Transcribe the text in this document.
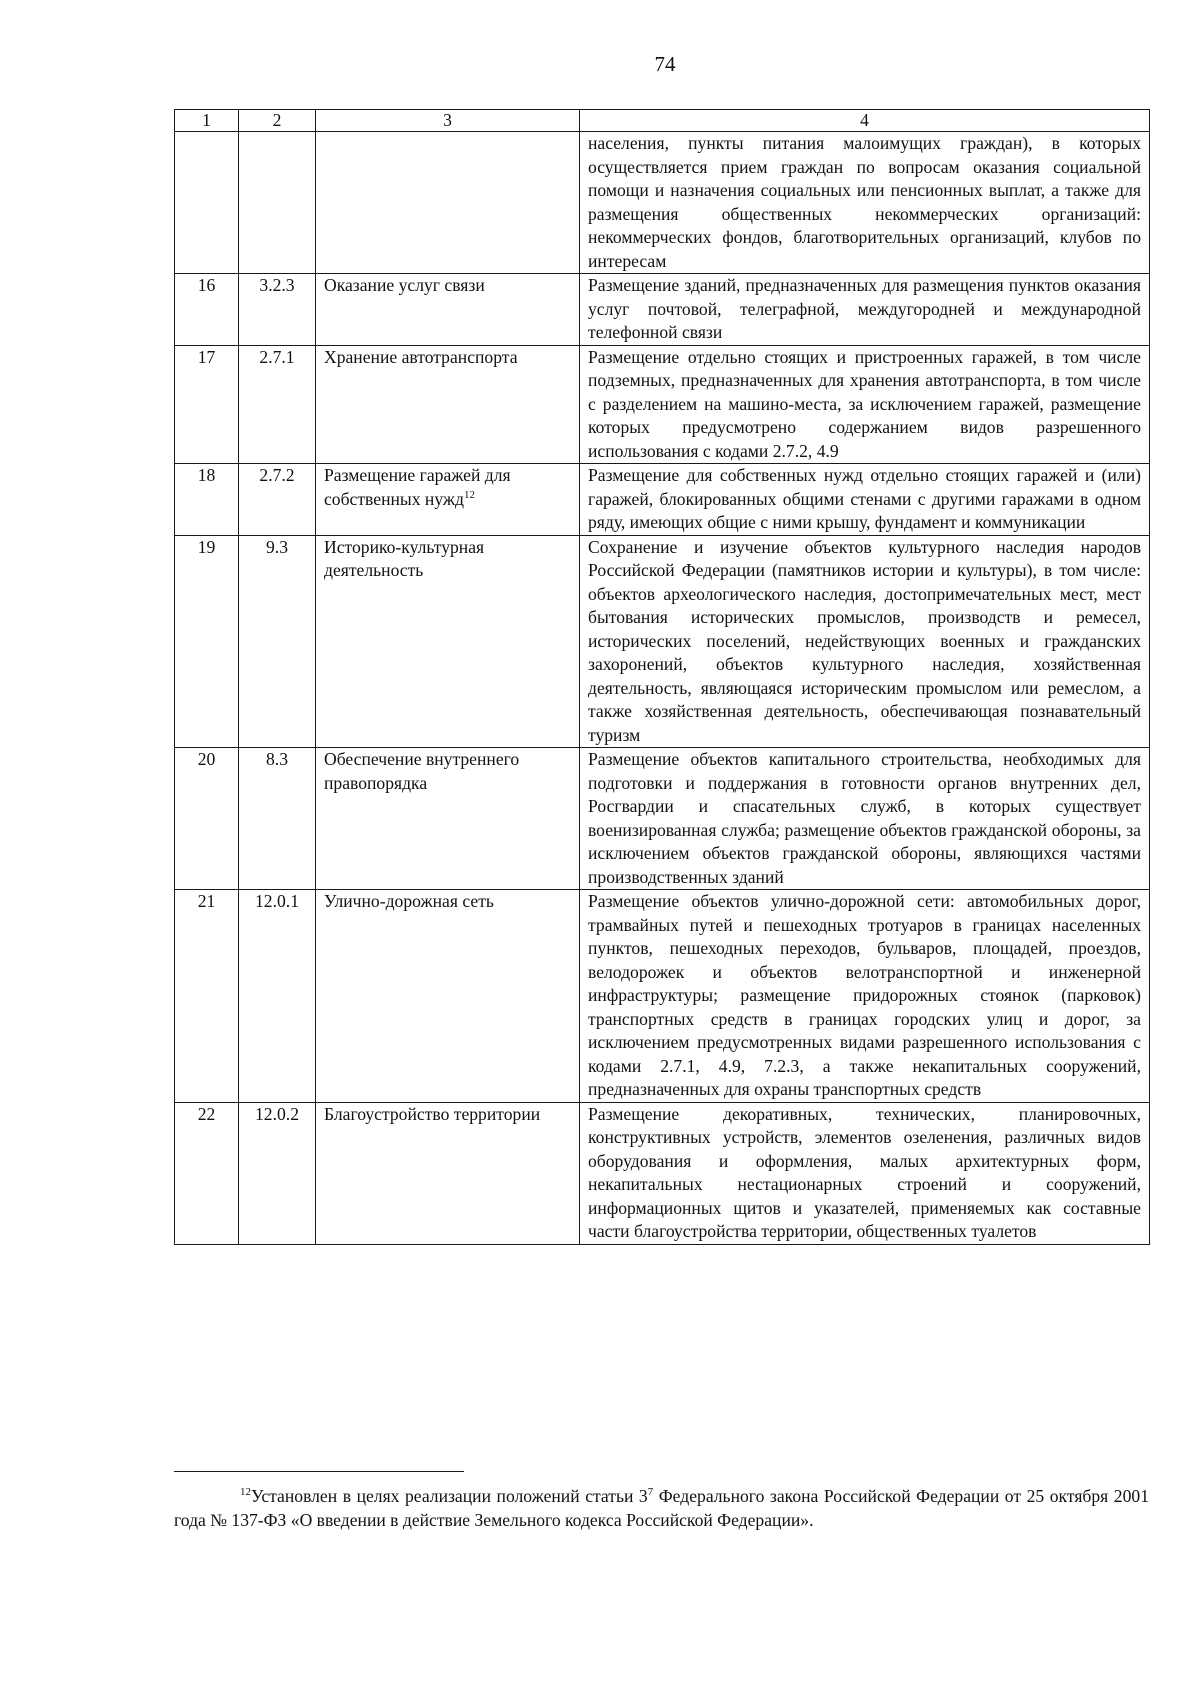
74
1	2	3	4
			населения, пункты питания малоимущих граждан), в которых осуществляется прием граждан по вопросам оказания социальной помощи и назначения социальных или пенсионных выплат, а также для размещения общественных некоммерческих организаций: некоммерческих фондов, благотворительных организаций, клубов по интересам
16	3.2.3	Оказание услуг связи	Размещение зданий, предназначенных для размещения пунктов оказания услуг почтовой, телеграфной, междугородней и международной телефонной связи
17	2.7.1	Хранение автотранспорта	Размещение отдельно стоящих и пристроенных гаражей, в том числе подземных, предназначенных для хранения автотранспорта, в том числе с разделением на машино-места, за исключением гаражей, размещение которых предусмотрено содержанием видов разрешенного использования с кодами 2.7.2, 4.9
18	2.7.2	Размещение гаражей для собственных нужд$^{12}$	Размещение для собственных нужд отдельно стоящих гаражей и (или) гаражей, блокированных общими стенами с другими гаражами в одном ряду, имеющих общие с ними крышу, фундамент и коммуникации
19	9.3	Историко-культурная деятельность	Сохранение и изучение объектов культурного наследия народов Российской Федерации (памятников истории и культуры), в том числе: объектов археологического наследия, достопримечательных мест, мест бытования исторических промыслов, производств и ремесел, исторических поселений, недействующих военных и гражданских захоронений, объектов культурного наследия, хозяйственная деятельность, являющаяся историческим промыслом или ремеслом, а также хозяйственная деятельность, обеспечивающая познавательный туризм
20	8.3	Обеспечение внутреннего правопорядка	Размещение объектов капитального строительства, необходимых для подготовки и поддержания в готовности органов внутренних дел, Росгвардии и спасательных служб, в которых существует военизированная служба; размещение объектов гражданской обороны, за исключением объектов гражданской обороны, являющихся частями производственных зданий
21	12.0.1	Улично-дорожная сеть	Размещение объектов улично-дорожной сети: автомобильных дорог, трамвайных путей и пешеходных тротуаров в границах населенных пунктов, пешеходных переходов, бульваров, площадей, проездов, велодорожек и объектов велотранспортной и инженерной инфраструктуры; размещение придорожных стоянок (парковок) транспортных средств в границах городских улиц и дорог, за исключением предусмотренных видами разрешенного использования с кодами 2.7.1, 4.9, 7.2.3, а также некапитальных сооружений, предназначенных для охраны транспортных средств
22	12.0.2	Благоустройство территории	Размещение декоративных, технических, планировочных, конструктивных устройств, элементов озеленения, различных видов оборудования и оформления, малых архитектурных форм, некапитальных нестационарных строений и сооружений, информационных щитов и указателей, применяемых как составные части благоустройства территории, общественных туалетов
$^{12}$Установлен в целях реализации положений статьи $3^7$ Федерального закона Российской Федерации от 25 октября 2001 года № 137-ФЗ «О введении в действие Земельного кодекса Российской Федерации».
